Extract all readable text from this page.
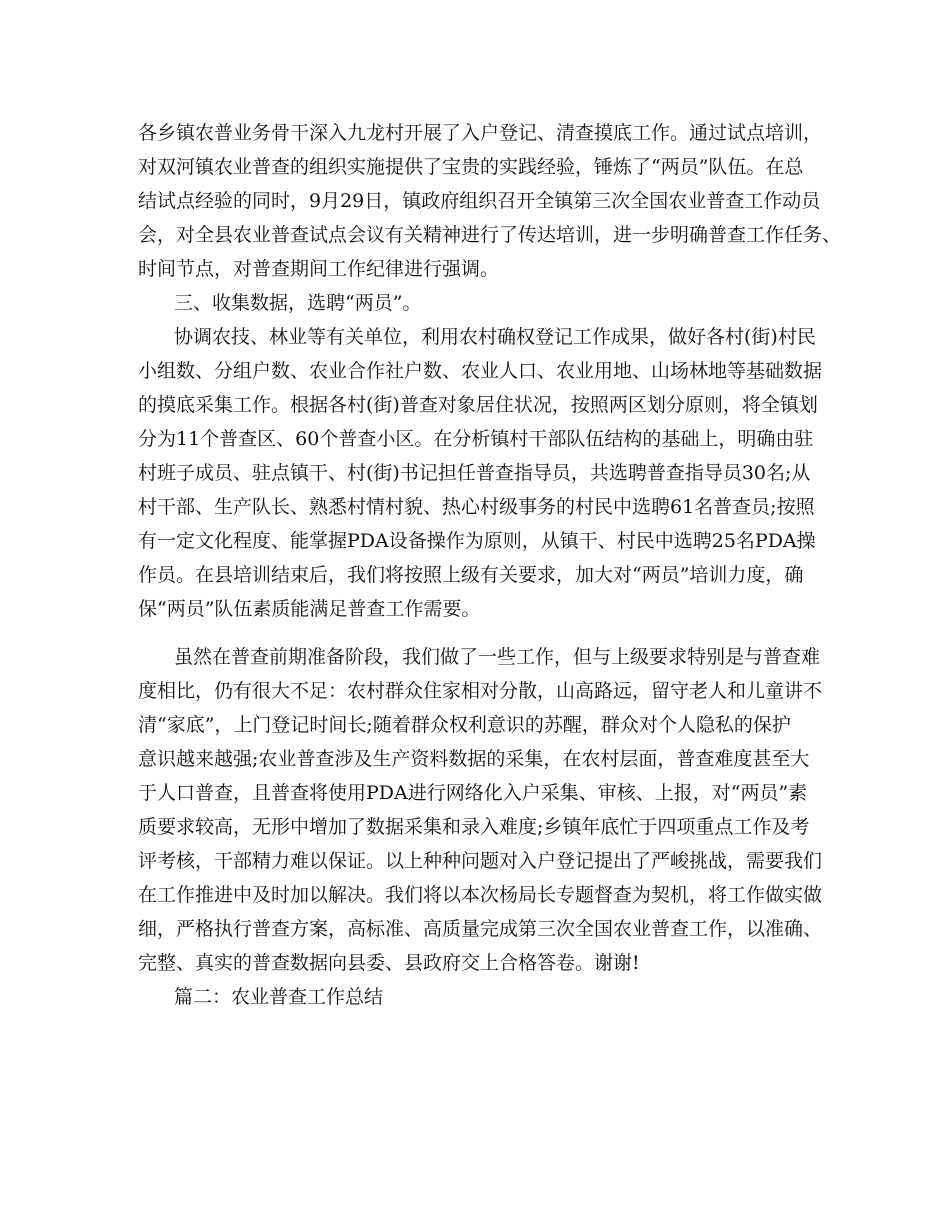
各乡镇农普业务骨干深入九龙村开展了入户登记、清查摸底工作。通过试点培训，
对双河镇农业普查的组织实施提供了宝贵的实践经验，锤炼了“两员”队伍。在总
结试点经验的同时，9月29日，镇政府组织召开全镇第三次全国农业普查工作动员
会，对全县农业普查试点会议有关精神进行了传达培训，进一步明确普查工作任务、
时间节点，对普查期间工作纪律进行强调。
三、收集数据，选聘“两员”。
协调农技、林业等有关单位，利用农村确权登记工作成果，做好各村(街)村民
小组数、分组户数、农业合作社户数、农业人口、农业用地、山场林地等基础数据
的摸底采集工作。根据各村(街)普查对象居住状况，按照两区划分原则，将全镇划
分为11个普查区、60个普查小区。在分析镇村干部队伍结构的基础上，明确由驻
村班子成员、驻点镇干、村(街)书记担任普查指导员，共选聘普查指导员30名;从
村干部、生产队长、熟悉村情村貌、热心村级事务的村民中选聘61名普查员;按照
有一定文化程度、能掌握PDA设备操作为原则，从镇干、村民中选聘25名PDA操
作员。在县培训结束后，我们将按照上级有关要求，加大对“两员”培训力度，确
保“两员”队伍素质能满足普查工作需要。
虽然在普查前期准备阶段，我们做了一些工作，但与上级要求特别是与普查难
度相比，仍有很大不足：农村群众住家相对分散，山高路远，留守老人和儿童讲不
清“家底”，上门登记时间长;随着群众权利意识的苏醒，群众对个人隐私的保护
意识越来越强;农业普查涉及生产资料数据的采集，在农村层面，普查难度甚至大
于人口普查，且普查将使用PDA进行网络化入户采集、审核、上报，对“两员”素
质要求较高，无形中增加了数据采集和录入难度;乡镇年底忙于四项重点工作及考
评考核，干部精力难以保证。以上种种问题对入户登记提出了严峻挑战，需要我们
在工作推进中及时加以解决。我们将以本次杨局长专题督查为契机，将工作做实做
细，严格执行普查方案，高标准、高质量完成第三次全国农业普查工作，以准确、
完整、真实的普查数据向县委、县政府交上合格答卷。谢谢!
篇二：农业普查工作总结
